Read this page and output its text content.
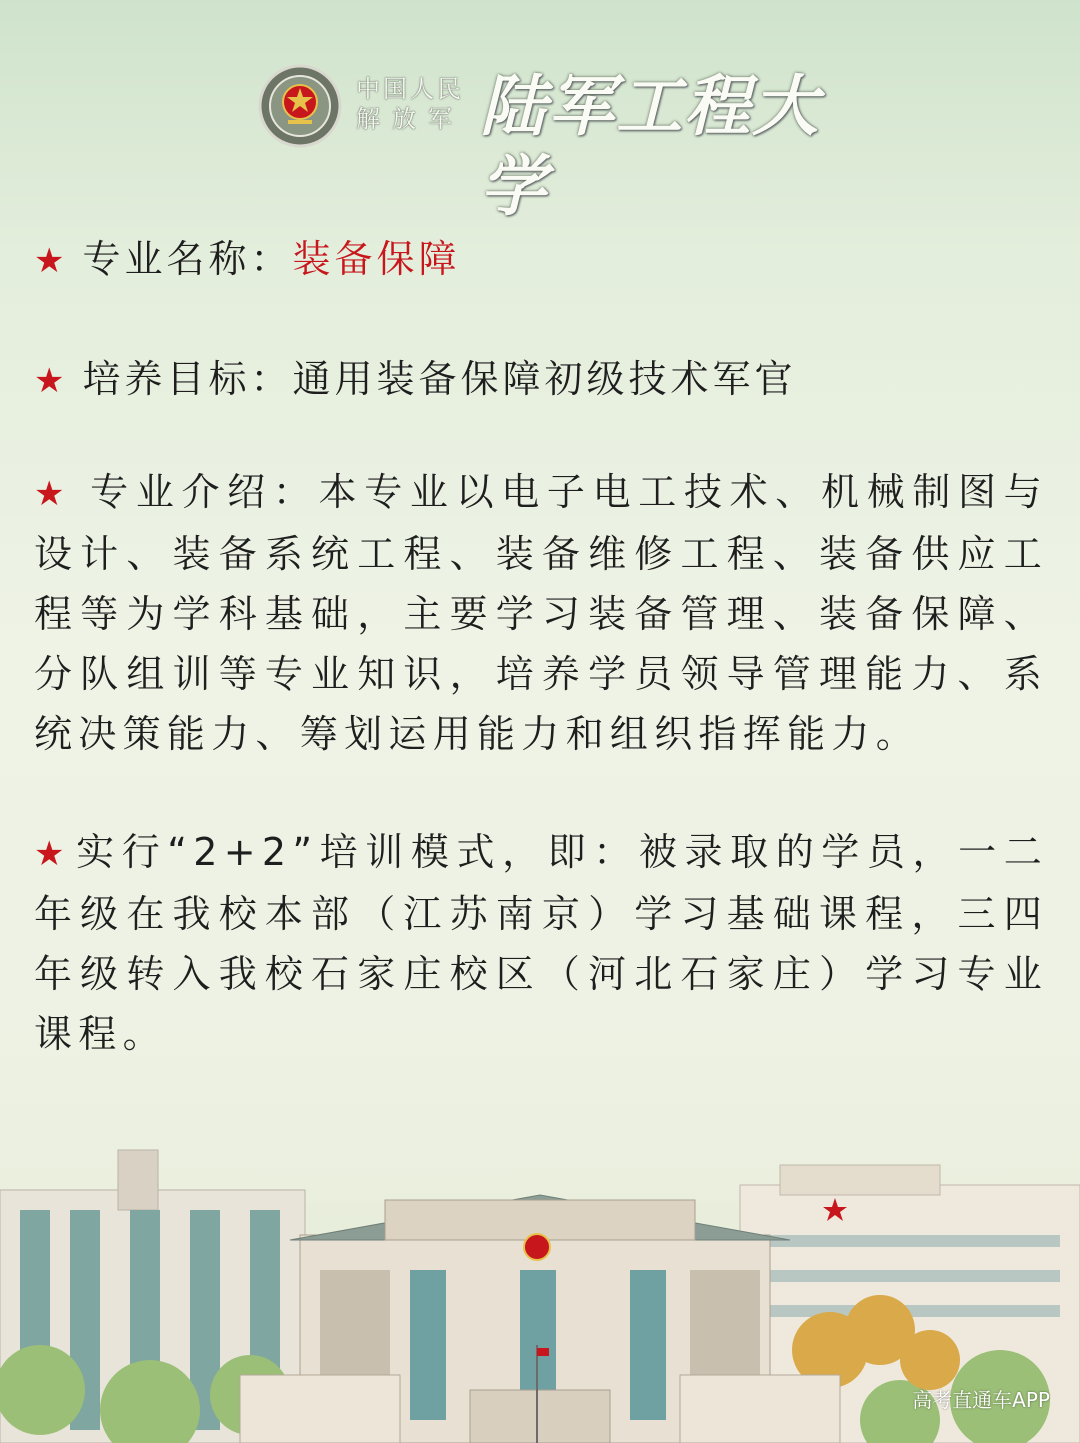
中国人民
解放军 陆军工程大学
★ 专业名称：装备保障
★ 培养目标：通用装备保障初级技术军官
★ 专业介绍：本专业以电子电工技术、机械制图与设计、装备系统工程、装备维修工程、装备供应工程等为学科基础，主要学习装备管理、装备保障、分队组训等专业知识，培养学员领导管理能力、系统决策能力、筹划运用能力和组织指挥能力。
★ 实行“2+2”培训模式，即：被录取的学员，一二年级在我校本部（江苏南京）学习基础课程，三四年级转入我校石家庄校区（河北石家庄）学习专业课程。
高考直通车APP
